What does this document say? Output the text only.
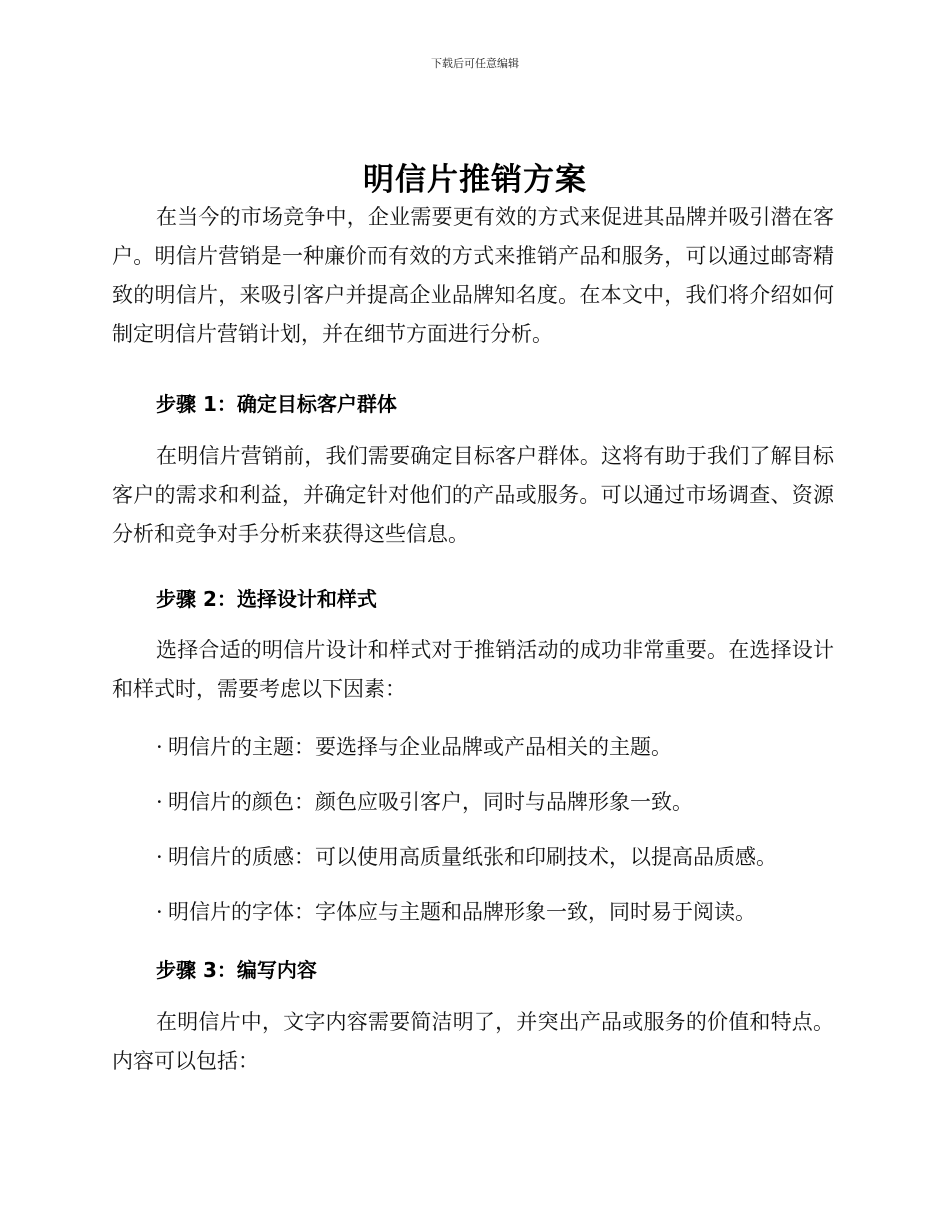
下载后可任意编辑
明信片推销方案
在当今的市场竞争中，企业需要更有效的方式来促进其品牌并吸引潜在客户。明信片营销是一种廉价而有效的方式来推销产品和服务，可以通过邮寄精致的明信片，来吸引客户并提高企业品牌知名度。在本文中，我们将介绍如何制定明信片营销计划，并在细节方面进行分析。
步骤 1：确定目标客户群体
在明信片营销前，我们需要确定目标客户群体。这将有助于我们了解目标客户的需求和利益，并确定针对他们的产品或服务。可以通过市场调查、资源分析和竞争对手分析来获得这些信息。
步骤 2：选择设计和样式
选择合适的明信片设计和样式对于推销活动的成功非常重要。在选择设计和样式时，需要考虑以下因素：
· 明信片的主题：要选择与企业品牌或产品相关的主题。
· 明信片的颜色：颜色应吸引客户，同时与品牌形象一致。
· 明信片的质感：可以使用高质量纸张和印刷技术，以提高品质感。
· 明信片的字体：字体应与主题和品牌形象一致，同时易于阅读。
步骤 3：编写内容
在明信片中，文字内容需要简洁明了，并突出产品或服务的价值和特点。内容可以包括：
